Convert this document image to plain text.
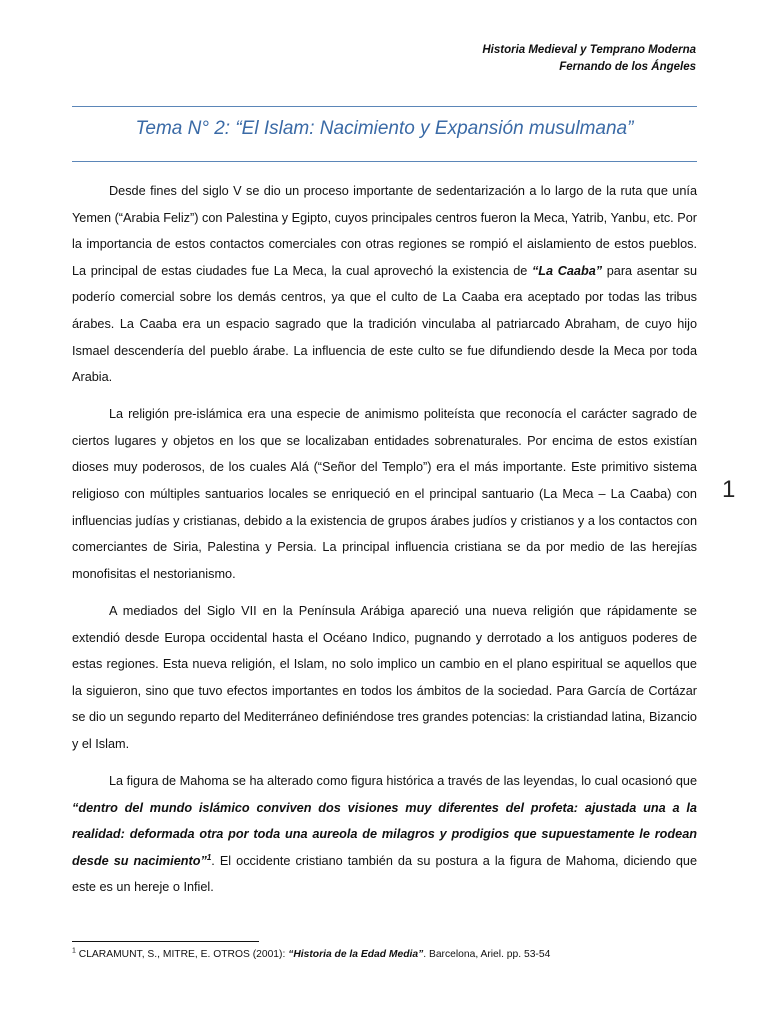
Historia Medieval y Temprano Moderna
Fernando de los Ángeles
Tema N° 2: “El Islam: Nacimiento y Expansión musulmana”

Desde fines del siglo V se dio un proceso importante de sedentarización a lo largo de la ruta que unía Yemen (“Arabia Feliz”) con Palestina y Egipto, cuyos principales centros fueron la Meca, Yatrib, Yanbu, etc. Por la importancia de estos contactos comerciales con otras regiones se rompió el aislamiento de estos pueblos. La principal de estas ciudades fue La Meca, la cual aprovechó la existencia de “La Caaba” para asentar su poderío comercial sobre los demás centros, ya que el culto de La Caaba era aceptado por todas las tribus árabes. La Caaba era un espacio sagrado que la tradición vinculaba al patriarcado Abraham, de cuyo hijo Ismael descendería del pueblo árabe. La influencia de este culto se fue difundiendo desde la Meca por toda Arabia.

La religión pre-islámica era una especie de animismo politeísta que reconocía el carácter sagrado de ciertos lugares y objetos en los que se localizaban entidades sobrenaturales. Por encima de estos existían dioses muy poderosos, de los cuales Alá (“Señor del Templo”) era el más importante. Este primitivo sistema religioso con múltiples santuarios locales se enriqueció en el principal santuario (La Meca – La Caaba) con influencias judías y cristianas, debido a la existencia de grupos árabes judíos y cristianos y a los contactos con comerciantes de Siria, Palestina y Persia. La principal influencia cristiana se da por medio de las herejías monofisitas el nestorianismo.

A mediados del Siglo VII en la Península Arábiga apareció una nueva religión que rápidamente se extendió desde Europa occidental hasta el Océano Indico, pugnando y derrotado a los antiguos poderes de estas regiones. Esta nueva religión, el Islam, no solo implico un cambio en el plano espiritual se aquellos que la siguieron, sino que tuvo efectos importantes en todos los ámbitos de la sociedad. Para García de Cortázar se dio un segundo reparto del Mediterráneo definiéndose tres grandes potencias: la cristiandad latina, Bizancio y el Islam.

La figura de Mahoma se ha alterado como figura histórica a través de las leyendas, lo cual ocasionó que “dentro del mundo islámico conviven dos visiones muy diferentes del profeta: ajustada una a la realidad: deformada otra por toda una aureola de milagros y prodigios que supuestamente le rodean desde su nacimiento”$^1$. El occidente cristiano también da su postura a la figura de Mahoma, diciendo que este es un hereje o Infiel.

1
$^1$ CLARAMUNT, S., MITRE, E. OTROS (2001): “Historia de la Edad Media”. Barcelona, Ariel. pp. 53-54
